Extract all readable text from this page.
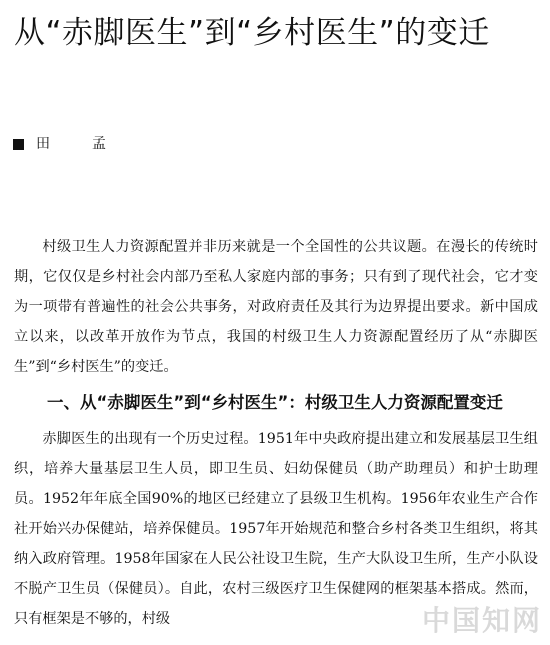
从“赤脚医生”到“乡村医生”的变迁
田　孟

村级卫生人力资源配置并非历来就是一个全国性的公共议题。在漫长的传统时期，它仅仅是乡村社会内部乃至私人家庭内部的事务；只有到了现代社会，它才变为一项带有普遍性的社会公共事务，对政府责任及其行为边界提出要求。新中国成立以来，以改革开放作为节点，我国的村级卫生人力资源配置经历了从“赤脚医生”到“乡村医生”的变迁。

一、从“赤脚医生”到“乡村医生”：村级卫生人力资源配置变迁

赤脚医生的出现有一个历史过程。1951年中央政府提出建立和发展基层卫生组织，培养大量基层卫生人员，即卫生员、妇幼保健员（助产助理员）和护士助理员。1952年年底全国90%的地区已经建立了县级卫生机构。1956年农业生产合作社开始兴办保健站，培养保健员。1957年开始规范和整合乡村各类卫生组织，将其纳入政府管理。1958年国家在人民公社设卫生院，生产大队设卫生所，生产小队设不脱产卫生员（保健员）。自此，农村三级医疗卫生保健网的框架基本搭成。然而，只有框架是不够的，村级	中国知网
